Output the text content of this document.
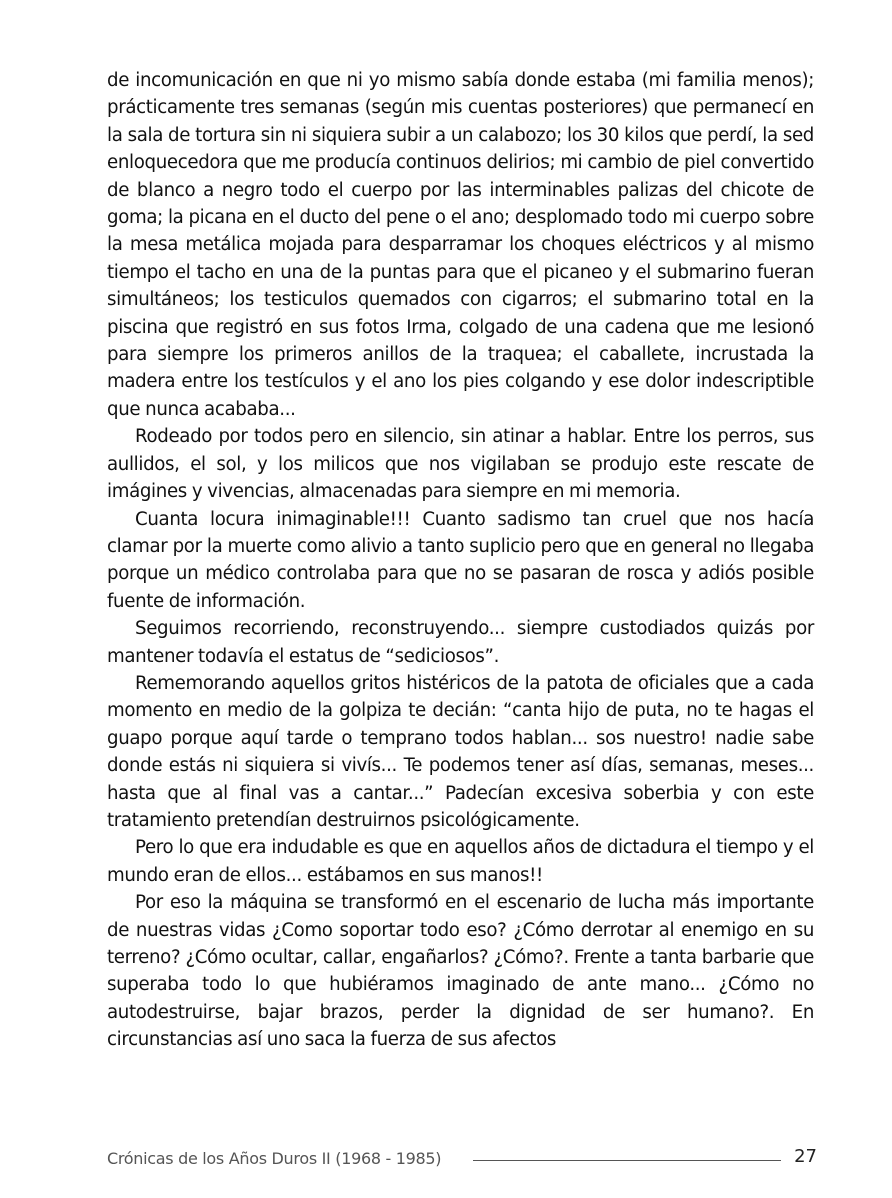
de incomunicación en que ni yo mismo sabía donde estaba (mi familia menos); prácticamente tres semanas (según mis cuentas posteriores) que permanecí en la sala de tortura sin ni siquiera subir a un calabozo; los 30 kilos que perdí, la sed enloquecedora que me producía continuos delirios; mi cambio de piel convertido de blanco a negro todo el cuerpo por las interminables palizas del chicote de goma; la picana en el ducto del pene o el ano; desplomado todo mi cuerpo sobre la mesa metálica mojada para desparramar los choques eléctricos y al mismo tiempo el tacho en una de la puntas para que el picaneo y el submarino fueran simultáneos; los testiculos quemados con cigarros; el submarino total en la piscina que registró en sus fotos Irma, colgado de una cadena que me lesionó para siempre los primeros anillos de la traquea; el caballete, incrustada la madera entre los testículos y el ano los pies colgando y ese dolor indescriptible que nunca acababa...

Rodeado por todos pero en silencio, sin atinar a hablar. Entre los perros, sus aullidos, el sol, y los milicos que nos vigilaban se produjo este rescate de imágines y vivencias, almacenadas para siempre en mi memoria.

Cuanta locura inimaginable!!! Cuanto sadismo tan cruel que nos hacía clamar por la muerte como alivio a tanto suplicio pero que en general no llegaba porque un médico controlaba para que no se pasaran de rosca y adiós posible fuente de información.

Seguimos recorriendo, reconstruyendo... siempre custodiados quizás por mantener todavía el estatus de “sediciosos”.

Rememorando aquellos gritos histéricos de la patota de oficiales que a cada momento en medio de la golpiza te decián: “canta hijo de puta, no te hagas el guapo porque aquí tarde o temprano todos hablan... sos nuestro! nadie sabe donde estás ni siquiera si vivís... Te podemos tener así días, semanas, meses... hasta que al final vas a cantar...” Padecían excesiva soberbia y con este tratamiento pretendían destruirnos psicológicamente.

Pero lo que era indudable es que en aquellos años de dictadura el tiempo y el mundo eran de ellos... estábamos en sus manos!!

Por eso la máquina se transformó en el escenario de lucha más importante de nuestras vidas ¿Como soportar todo eso? ¿Cómo derrotar al enemigo en su terreno? ¿Cómo ocultar, callar, engañarlos? ¿Cómo?. Frente a tanta barbarie que superaba todo lo que hubiéramos imaginado de ante mano... ¿Cómo no autodestruirse, bajar brazos, perder la dignidad de ser humano?. En circunstancias así uno saca la fuerza de sus afectos

Crónicas de los Años Duros II (1968 - 1985)	27
